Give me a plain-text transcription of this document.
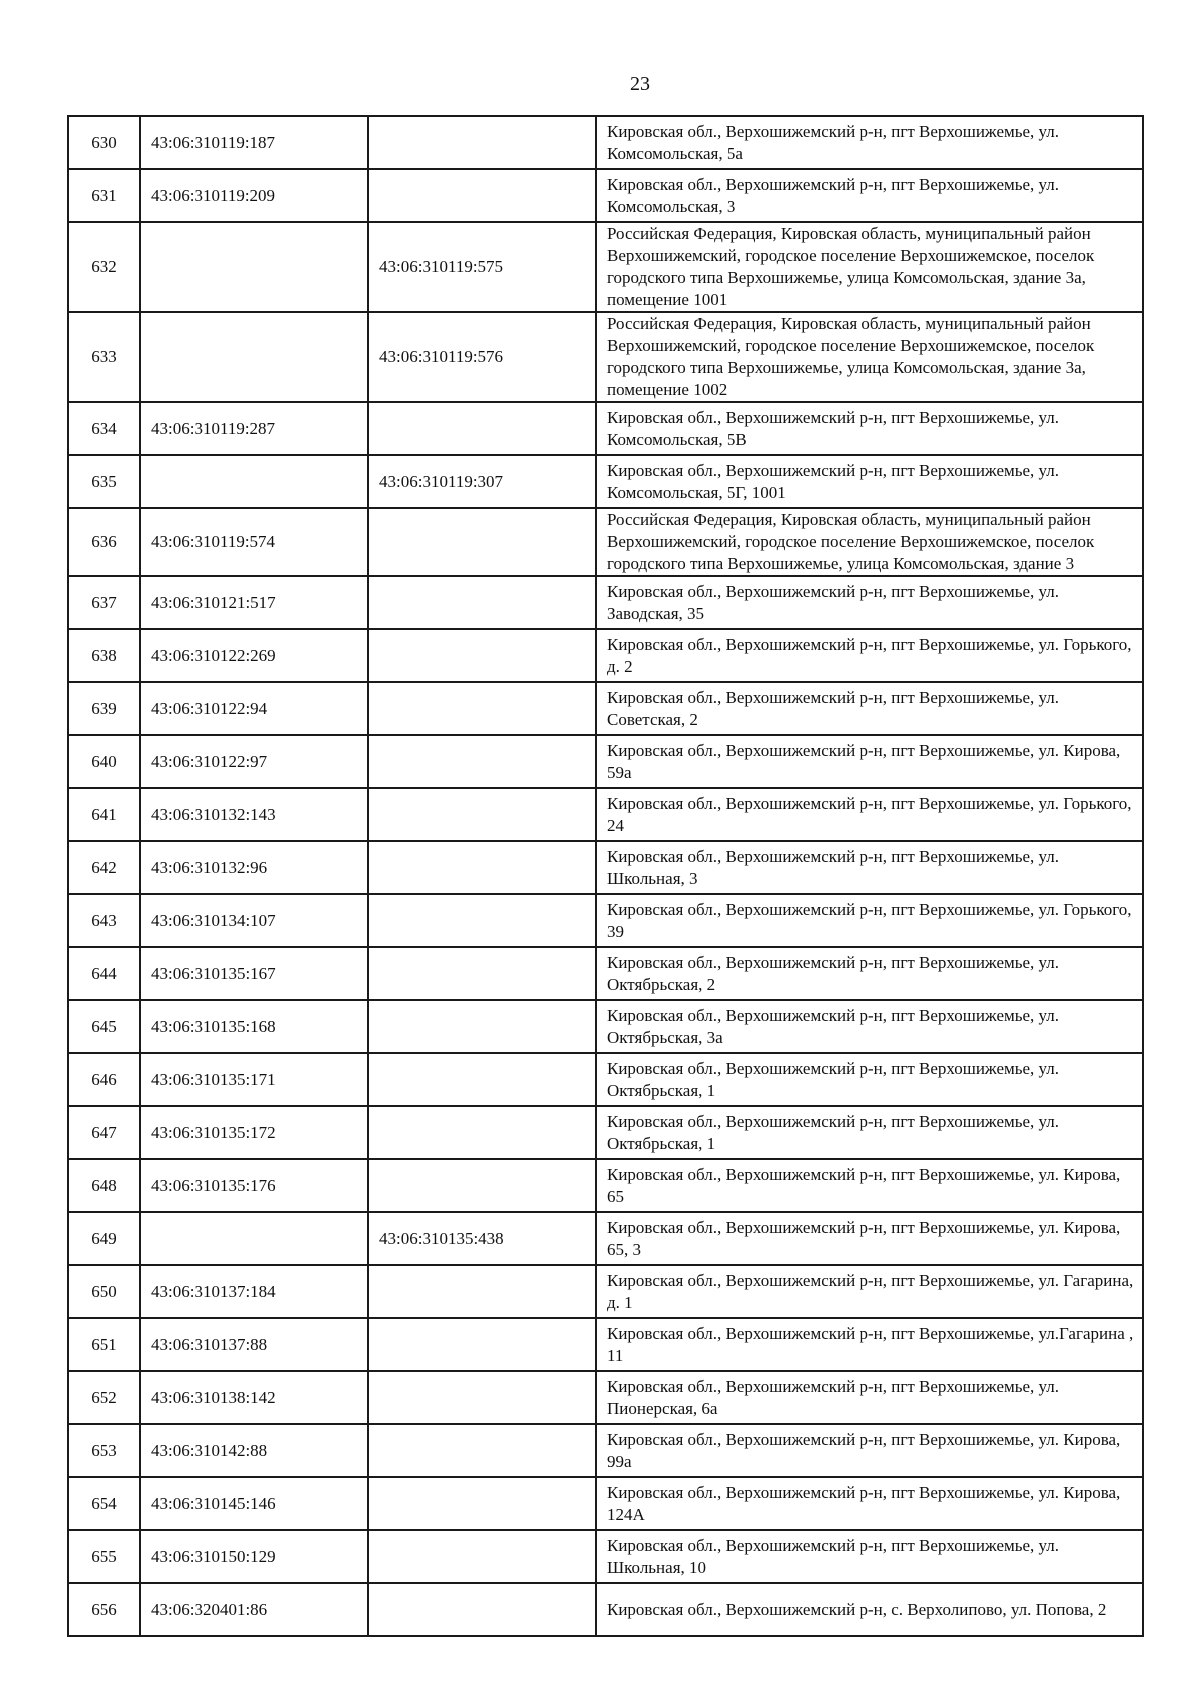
23
630	43:06:310119:187		Кировская обл., Верхошижемский р-н, пгт Верхошижемье, ул. Комсомольская, 5а
631	43:06:310119:209		Кировская обл., Верхошижемский р-н, пгт Верхошижемье, ул. Комсомольская, 3
632		43:06:310119:575	Российская Федерация, Кировская область, муниципальный район Верхошижемский, городское поселение Верхошижемское, поселок городского типа Верхошижемье, улица Комсомольская, здание 3а, помещение 1001
633		43:06:310119:576	Российская Федерация, Кировская область, муниципальный район Верхошижемский, городское поселение Верхошижемское, поселок городского типа Верхошижемье, улица Комсомольская, здание 3а, помещение 1002
634	43:06:310119:287		Кировская обл., Верхошижемский р-н, пгт Верхошижемье, ул. Комсомольская, 5В
635		43:06:310119:307	Кировская обл., Верхошижемский р-н, пгт Верхошижемье, ул. Комсомольская, 5Г, 1001
636	43:06:310119:574		Российская Федерация, Кировская область, муниципальный район Верхошижемский, городское поселение Верхошижемское, поселок городского типа Верхошижемье, улица Комсомольская, здание 3
637	43:06:310121:517		Кировская обл., Верхошижемский р-н, пгт Верхошижемье, ул. Заводская, 35
638	43:06:310122:269		Кировская обл., Верхошижемский р-н, пгт Верхошижемье, ул. Горького, д. 2
639	43:06:310122:94		Кировская обл., Верхошижемский р-н, пгт Верхошижемье, ул. Советская, 2
640	43:06:310122:97		Кировская обл., Верхошижемский р-н, пгт Верхошижемье, ул. Кирова, 59а
641	43:06:310132:143		Кировская обл., Верхошижемский р-н, пгт Верхошижемье, ул. Горького, 24
642	43:06:310132:96		Кировская обл., Верхошижемский р-н, пгт Верхошижемье, ул. Школьная, 3
643	43:06:310134:107		Кировская обл., Верхошижемский р-н, пгт Верхошижемье, ул. Горького, 39
644	43:06:310135:167		Кировская обл., Верхошижемский р-н, пгт Верхошижемье, ул. Октябрьская, 2
645	43:06:310135:168		Кировская обл., Верхошижемский р-н, пгт Верхошижемье, ул. Октябрьская, 3а
646	43:06:310135:171		Кировская обл., Верхошижемский р-н, пгт Верхошижемье, ул. Октябрьская, 1
647	43:06:310135:172		Кировская обл., Верхошижемский р-н, пгт Верхошижемье, ул. Октябрьская, 1
648	43:06:310135:176		Кировская обл., Верхошижемский р-н, пгт Верхошижемье, ул. Кирова, 65
649		43:06:310135:438	Кировская обл., Верхошижемский р-н, пгт Верхошижемье, ул. Кирова, 65, 3
650	43:06:310137:184		Кировская обл., Верхошижемский р-н, пгт Верхошижемье, ул. Гагарина, д. 1
651	43:06:310137:88		Кировская обл., Верхошижемский р-н, пгт Верхошижемье, ул.Гагарина , 11
652	43:06:310138:142		Кировская обл., Верхошижемский р-н, пгт Верхошижемье, ул. Пионерская, 6а
653	43:06:310142:88		Кировская обл., Верхошижемский р-н, пгт Верхошижемье, ул. Кирова, 99а
654	43:06:310145:146		Кировская обл., Верхошижемский р-н, пгт Верхошижемье, ул. Кирова, 124А
655	43:06:310150:129		Кировская обл., Верхошижемский р-н, пгт Верхошижемье, ул. Школьная, 10
656	43:06:320401:86		Кировская обл., Верхошижемский р-н, с. Верхолипово, ул. Попова, 2
